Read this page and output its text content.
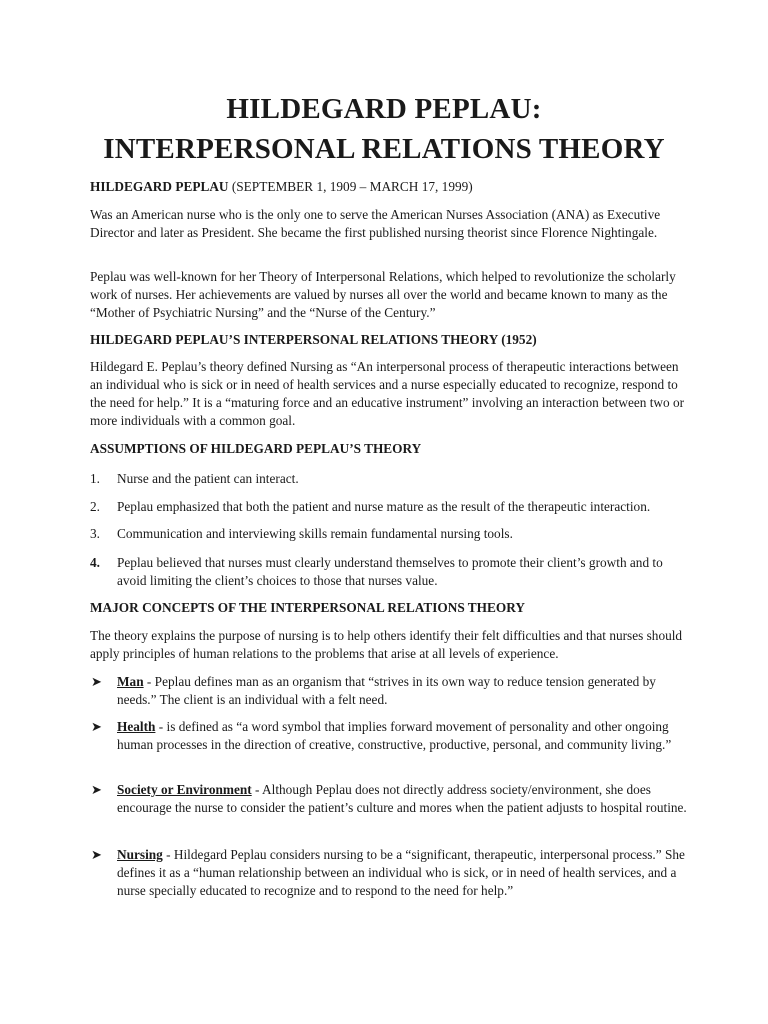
HILDEGARD PEPLAU:
INTERPERSONAL RELATIONS THEORY
HILDEGARD PEPLAU (SEPTEMBER 1, 1909 – MARCH 17, 1999)
Was an American nurse who is the only one to serve the American Nurses Association (ANA) as Executive Director and later as President. She became the first published nursing theorist since Florence Nightingale.
Peplau was well-known for her Theory of Interpersonal Relations, which helped to revolutionize the scholarly work of nurses. Her achievements are valued by nurses all over the world and became known to many as the “Mother of Psychiatric Nursing” and the “Nurse of the Century.”
HILDEGARD PEPLAU’S INTERPERSONAL RELATIONS THEORY (1952)
Hildegard E. Peplau’s theory defined Nursing as “An interpersonal process of therapeutic interactions between an individual who is sick or in need of health services and a nurse especially educated to recognize, respond to the need for help.” It is a “maturing force and an educative instrument” involving an interaction between two or more individuals with a common goal.
ASSUMPTIONS OF HILDEGARD PEPLAU’S THEORY
1.	Nurse and the patient can interact.
2.	Peplau emphasized that both the patient and nurse mature as the result of the therapeutic interaction.
3.	Communication and interviewing skills remain fundamental nursing tools.
4.	Peplau believed that nurses must clearly understand themselves to promote their client’s growth and to avoid limiting the client’s choices to those that nurses value.
MAJOR CONCEPTS OF THE INTERPERSONAL RELATIONS THEORY
The theory explains the purpose of nursing is to help others identify their felt difficulties and that nurses should apply principles of human relations to the problems that arise at all levels of experience.
➤ Man - Peplau defines man as an organism that “strives in its own way to reduce tension generated by needs.” The client is an individual with a felt need.
➤ Health - is defined as “a word symbol that implies forward movement of personality and other ongoing human processes in the direction of creative, constructive, productive, personal, and community living.”
➤ Society or Environment - Although Peplau does not directly address society/environment, she does encourage the nurse to consider the patient’s culture and mores when the patient adjusts to hospital routine.
➤ Nursing - Hildegard Peplau considers nursing to be a “significant, therapeutic, interpersonal process.” She defines it as a “human relationship between an individual who is sick, or in need of health services, and a nurse specially educated to recognize and to respond to the need for help.”
